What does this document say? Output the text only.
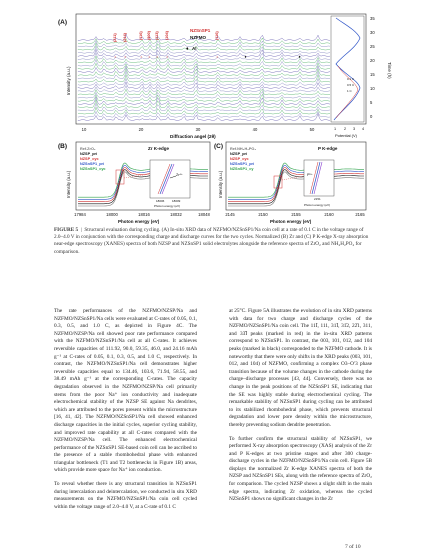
(A)
Intensity (a.u.)
• •	• • • •	•	♦	♦
NZSnSP1
NZFMO
♦ Al
(211) (214)	(116) (300) (113) (104)	(116)
10	20	30	40	50
Diffraction angel (2θ)
0.1 C
0.5 C
1 C
1 2 3 4
Potential (V)
35
30
25
20
15
10
5
0
Time (h)
(B)
Intensity (a.u.)
Zr K-edge
Ref.ZrO₂
NZSP_pri
NZSP_cyc
NZSnSP1_pri
NZSnSP1_cyc
Zr⁴⁺
18006	18009
Photon energy (eV)
17984	18000	18016	18032	18048
Photon energy (eV)
(C)
Intensity (a.u.)
P K-edge
Ref.NH₄H₂PO₄
NZSP_pri
NZSP_cyc
NZSnSP1_pri
NZSnSP1_cy
P⁵⁺
2151
Photon energy (eV)
2145	2150	2155	2160	2165
Photon energy (eV)
FIGURE 5  |  Structural evaluation during cycling. (A) In-situ XRD data of NZFMO/NZSnSP1/Na coin cell at a rate of 0.1 C in the voltage range of 2.0–4.0 V in conjunction with the corresponding charge and discharge curves for the two cycles. Normalized (B) Zr and (C) P K-edge X-ray absorption near-edge spectroscopy (XANES) spectra of both NZSP and NZSnSP1 solid electrolytes alongside the reference spectra of ZrO₂ and NH₄H₂PO₄ for comparison.

The rate performances of the NZFMO/NZSP/Na and NZFMO/NZSnSP1/Na cells were evaluated at C-rates of 0.05, 0.1, 0.3, 0.5, and 1.0 C, as depicted in Figure 4C. The NZFMO/NZSP/Na cell showed poor rate performance compared with the NZFMO/NZSnSP1/Na cell at all C-rates. It achieves reversible capacities of 111.92, 90.0, 59.35, 46.0, and 24.16 mAh g⁻¹ at C-rates of 0.05, 0.1, 0.3, 0.5, and 1.0 C, respectively. In contrast, the NZFMO/NZSnSP1/Na cell demonstrates higher reversible capacities equal to 134.46, 103.6, 71.94, 58.55, and 38.49 mAh g⁻¹ at the corresponding C-rates. The capacity degradation observed in the NZFMO/NZSP/Na cell primarily stems from the poor Na⁺ ion conductivity and inadequate electrochemical stability of the NZSP SE against Na dendrites, which are attributed to the pores present within the microstructure [16, 41, 42]. The NZFMO/NZSnSP1/Na cell showed enhanced discharge capacities in the initial cycles, superior cycling stability, and improved rate capability at all C-rates compared with the NZFMO/NZSP/Na cell. The enhanced electrochemical performance of the NZSnSP1 SE-based coin cell can be ascribed to the presence of a stable rhombohedral phase with enhanced triangular bottleneck (T1 and T2 bottlenecks in Figure 1B) areas, which provide more space for Na⁺ ion conduction.

To reveal whether there is any structural transition in NZSnSP1 during intercalation and deintercalation, we conducted in situ XRD measurements on the NZFMO/NZSnSP1/Na coin cell cycled within the voltage range of 2.0–4.0 V, at a C-rate of 0.1 C

at 25°C. Figure 5A illustrates the evolution of in situ XRD patterns with data for two charge and discharge cycles of the NZFMO/NZSnSP1/Na coin cell. The 11Ī, 111, 31Ī, 31̄2, 22̄1, 311, and 33̄Ī peaks (marked in red) in the in-situ XRD patterns correspond to NZSnSP1. In contrast, the 003, 101, 012, and 104 peaks (marked in black) corresponded to the NZFMO cathode. It is noteworthy that there were only shifts in the XRD peaks (003, 101, 012, and 104) of NZFMO, confirming a complex O3–O′3 phase transition because of the volume changes in the cathode during the charge–discharge processes [43, 44]. Conversely, there was no change in the peak positions of the NZSnSP1 SE, indicating that the SE was highly stable during electrochemical cycling. The remarkable stability of NZSnSP1 during cycling can be attributed to its stabilized rhombohedral phase, which prevents structural degradation and lower pore density within the microstructure, thereby preventing sodium dendrite penetration.

To further confirm the structural stability of NZSnSP1, we performed X-ray absorption spectroscopy (XAS) analysis of the Zr and P K-edges at two pristine stages and after 300 charge-discharge cycles in the NZFMO/NZSnSP1/Na coin cell. Figure 5B displays the normalized Zr K-edge XANES spectra of both the NZSP and NZSnSP1 SEs, along with the reference spectra of ZrO₂ for comparison. The cycled NZSP shows a slight shift in the main edge spectra, indicating Zr oxidation, whereas the cycled NZSnSP1 shows no significant changes in the Zr

7 of 10
